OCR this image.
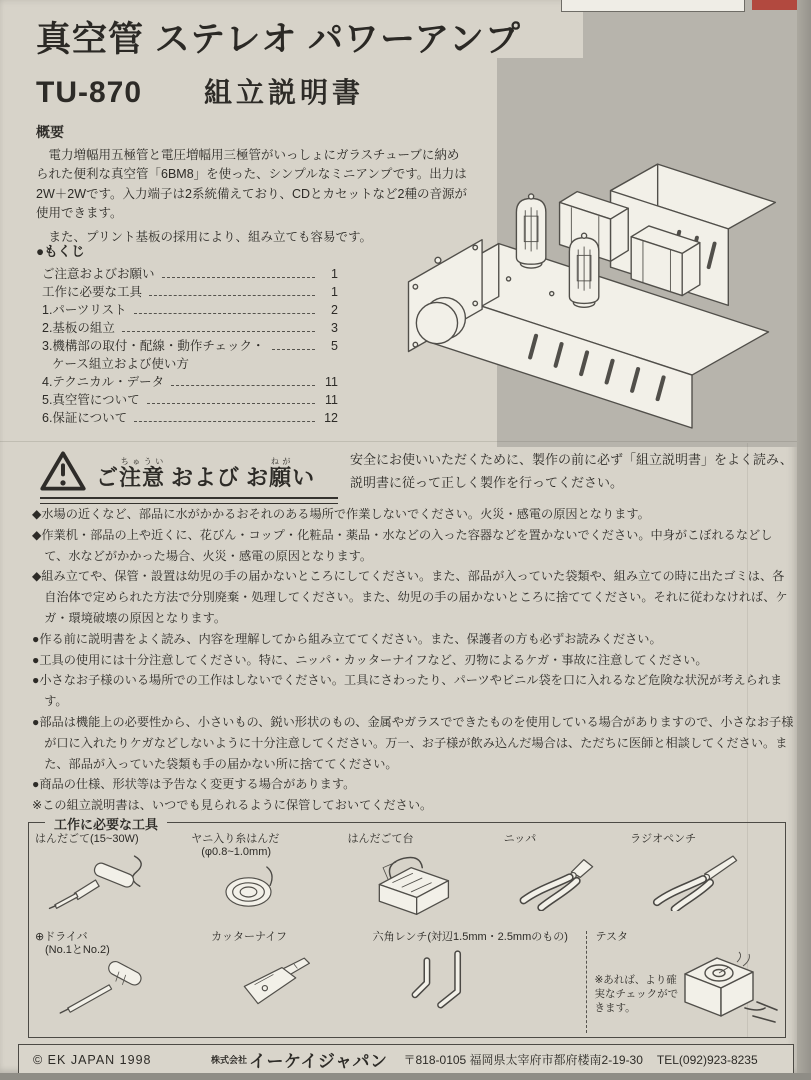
真空管 ステレオ パワーアンプ
TU-870 組立説明書
概要

電力増幅用五極管と電圧増幅用三極管がいっしょにガラスチューブに納められた便利な真空管「6BM8」を使った、シンプルなミニアンプです。出力は2W＋2Wです。入力端子は2系統備えており、CDとカセットなど2種の音源が使用できます。

また、プリント基板の採用により、組み立ても容易です。

●もくじ
ご注意およびお願い	1
工作に必要な工具	1
1.パーツリスト	2
2.基板の組立	3
3.機構部の取付・配線・動作チェック・	5
ケース組立および使い方
4.テクニカル・データ	11
5.真空管について	11
6.保証について	12
ご注意ちゅういおよび お願ねがい
安全にお使いいただくために、製作の前に必ず「組立説明書」をよく読み、
説明書に従って正しく製作を行ってください。

◆水場の近くなど、部品に水がかかるおそれのある場所で作業しないでください。火災・感電の原因となります。

◆作業机・部品の上や近くに、花びん・コップ・化粧品・薬品・水などの入った容器などを置かないでください。中身がこぼれるなどして、水などがかかった場合、火災・感電の原因となります。

◆組み立てや、保管・設置は幼児の手の届かないところにしてください。また、部品が入っていた袋類や、組み立ての時に出たゴミは、各自治体で定められた方法で分別廃棄・処理してください。また、幼児の手の届かないところに捨ててください。それに従わなければ、ケガ・環境破壊の原因となります。

●作る前に説明書をよく読み、内容を理解してから組み立ててください。また、保護者の方も必ずお読みください。

●工具の使用には十分注意してください。特に、ニッパ・カッターナイフなど、刃物によるケガ・事故に注意してください。

●小さなお子様のいる場所での工作はしないでください。工具にさわったり、パーツやビニル袋を口に入れるなど危険な状況が考えられます。

●部品は機能上の必要性から、小さいもの、鋭い形状のもの、金属やガラスでできたものを使用している場合がありますので、小さなお子様が口に入れたりケガなどしないように十分注意してください。万一、お子様が飲み込んだ場合は、ただちに医師と相談してください。また、部品が入っていた袋類も手の届かない所に捨ててください。

●商品の仕様、形状等は予告なく変更する場合があります。

※この組立説明書は、いつでも見られるように保管しておいてください。

工作に必要な工具
はんだごて(15~30W)	ヤニ入り糸はんだ
(φ0.8~1.0mm)
はんだごて台	ニッパ	ラジオペンチ
⊕ドライバ
(No.1とNo.2)
カッターナイフ	六角レンチ(対辺1.5mm・2.5mmのもの)	テスタ
※あれば、より確実なチェックができます。
© EK JAPAN 1998	株式会社 イーケイジャパン 〒818-0105 福岡県太宰府市都府楼南2-19-30 TEL(092)923-8235
